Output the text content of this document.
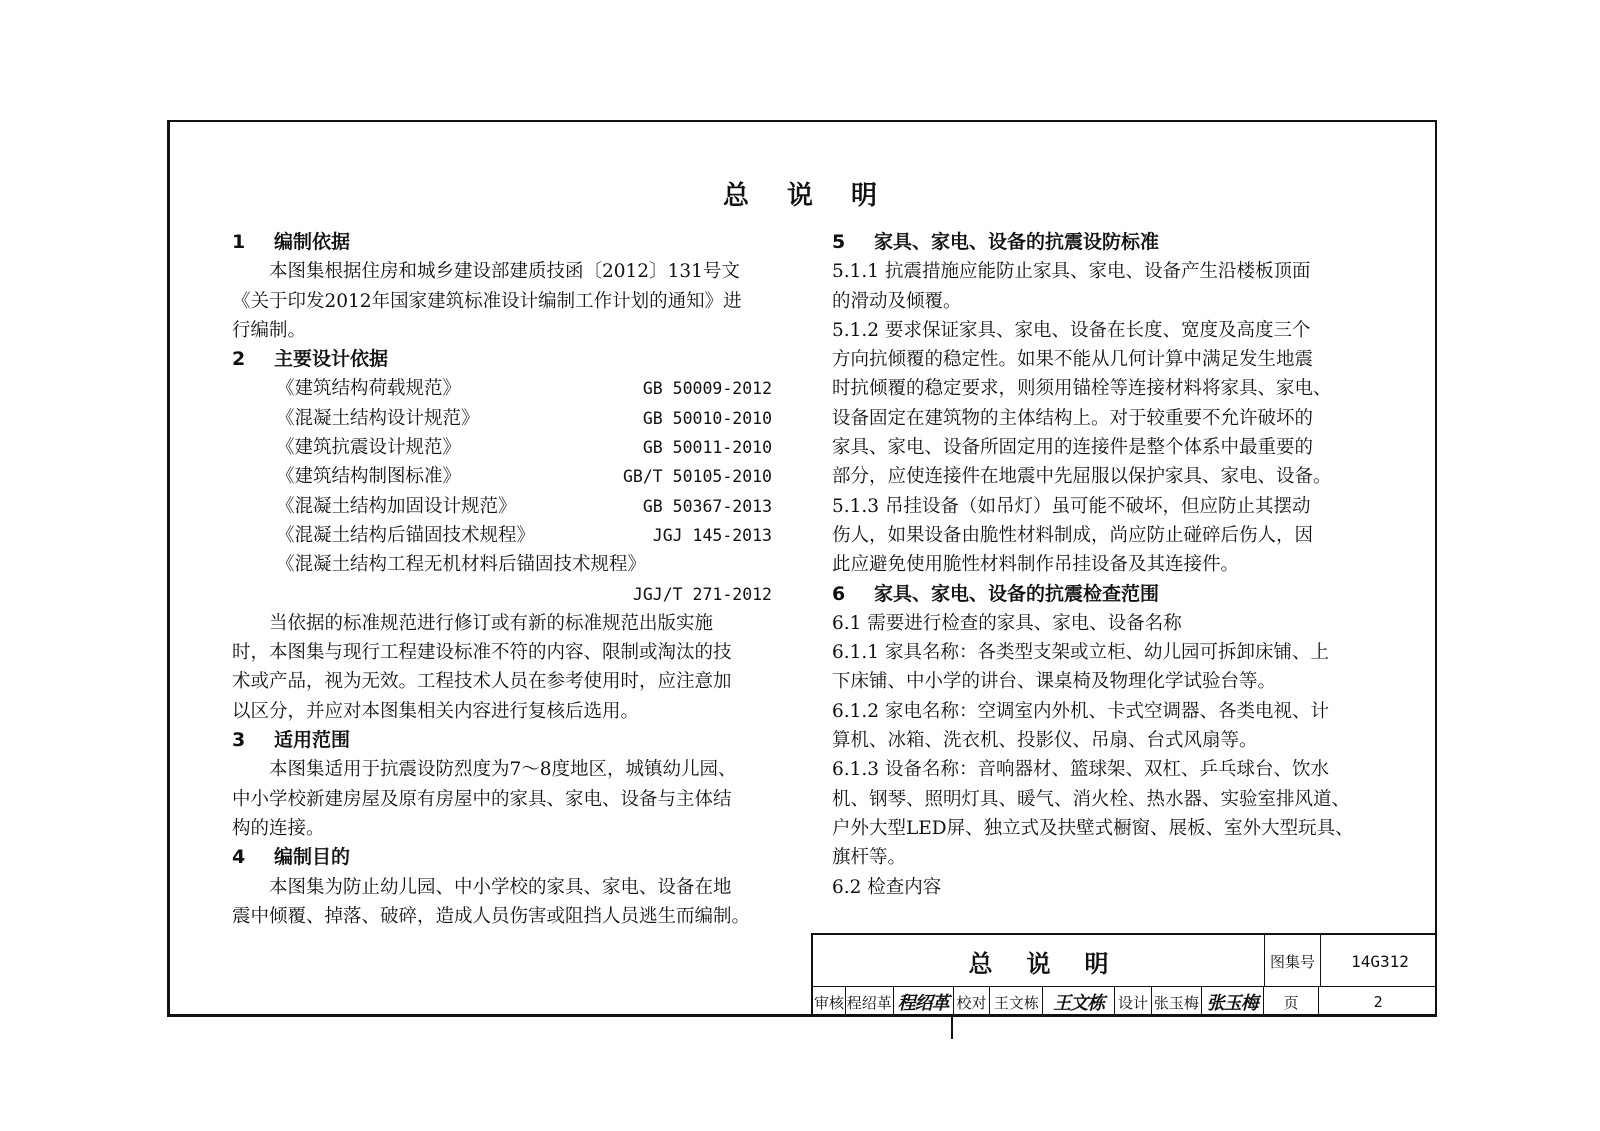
总说明
1 编制依据
本图集根据住房和城乡建设部建质技函〔2012〕131号文
《关于印发2012年国家建筑标准设计编制工作计划的通知》进
行编制。
2 主要设计依据
《建筑结构荷载规范》	GB 50009-2012
《混凝土结构设计规范》	GB 50010-2010
《建筑抗震设计规范》	GB 50011-2010
《建筑结构制图标准》	GB/T 50105-2010
《混凝土结构加固设计规范》	GB 50367-2013
《混凝土结构后锚固技术规程》	JGJ 145-2013
《混凝土结构工程无机材料后锚固技术规程》
JGJ/T 271-2012
当依据的标准规范进行修订或有新的标准规范出版实施
时，本图集与现行工程建设标准不符的内容、限制或淘汰的技
术或产品，视为无效。工程技术人员在参考使用时，应注意加
以区分，并应对本图集相关内容进行复核后选用。
3 适用范围
本图集适用于抗震设防烈度为7～8度地区，城镇幼儿园、
中小学校新建房屋及原有房屋中的家具、家电、设备与主体结
构的连接。
4 编制目的
本图集为防止幼儿园、中小学校的家具、家电、设备在地
震中倾覆、掉落、破碎，造成人员伤害或阻挡人员逃生而编制。
5 家具、家电、设备的抗震设防标准
5.1.1 抗震措施应能防止家具、家电、设备产生沿楼板顶面
的滑动及倾覆。
5.1.2 要求保证家具、家电、设备在长度、宽度及高度三个
方向抗倾覆的稳定性。如果不能从几何计算中满足发生地震
时抗倾覆的稳定要求，则须用锚栓等连接材料将家具、家电、
设备固定在建筑物的主体结构上。对于较重要不允许破坏的
家具、家电、设备所固定用的连接件是整个体系中最重要的
部分，应使连接件在地震中先屈服以保护家具、家电、设备。
5.1.3 吊挂设备（如吊灯）虽可能不破坏，但应防止其摆动
伤人，如果设备由脆性材料制成，尚应防止碰碎后伤人，因
此应避免使用脆性材料制作吊挂设备及其连接件。
6 家具、家电、设备的抗震检查范围
6.1 需要进行检查的家具、家电、设备名称
6.1.1 家具名称：各类型支架或立柜、幼儿园可拆卸床铺、上
下床铺、中小学的讲台、课桌椅及物理化学试验台等。
6.1.2 家电名称：空调室内外机、卡式空调器、各类电视、计
算机、冰箱、洗衣机、投影仪、吊扇、台式风扇等。
6.1.3 设备名称：音响器材、篮球架、双杠、乒乓球台、饮水
机、钢琴、照明灯具、暖气、消火栓、热水器、实验室排风道、
户外大型LED屏、独立式及扶壁式橱窗、展板、室外大型玩具、
旗杆等。
6.2 检查内容
总说明	图集号	14G312
审核 程绍革 程绍革 校对 王文栋 王文栋 设计 张玉梅 张玉梅	页	2
